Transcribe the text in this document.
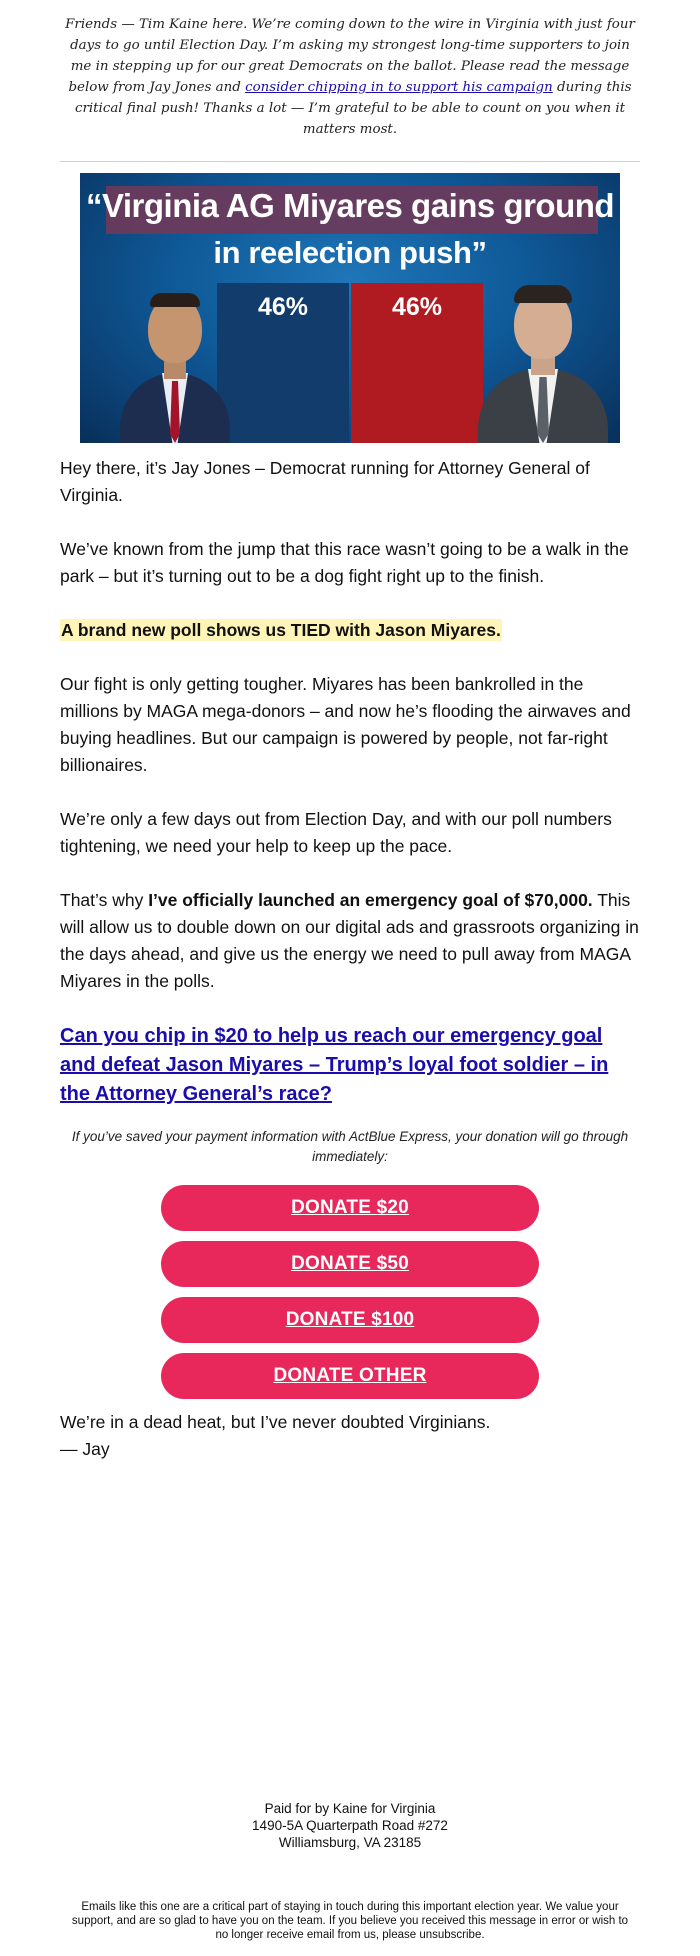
Friends — Tim Kaine here. We’re coming down to the wire in Virginia with just four days to go until Election Day. I’m asking my strongest long-time supporters to join me in stepping up for our great Democrats on the ballot. Please read the message below from Jay Jones and consider chipping in to support his campaign during this critical final push! Thanks a lot — I’m grateful to be able to count on you when it matters most.
“Virginia AG Miyares gains ground
in reelection push”
46%	46%

Hey there, it’s Jay Jones – Democrat running for Attorney General of Virginia.

We’ve known from the jump that this race wasn’t going to be a walk in the park – but it’s turning out to be a dog fight right up to the finish.

A brand new poll shows us TIED with Jason Miyares.

Our fight is only getting tougher. Miyares has been bankrolled in the millions by MAGA mega-donors – and now he’s flooding the airwaves and buying headlines. But our campaign is powered by people, not far-right billionaires.

We’re only a few days out from Election Day, and with our poll numbers tightening, we need your help to keep up the pace.

That’s why I’ve officially launched an emergency goal of $70,000. This will allow us to double down on our digital ads and grassroots organizing in the days ahead, and give us the energy we need to pull away from MAGA Miyares in the polls.

Can you chip in $20 to help us reach our emergency goal and defeat Jason Miyares – Trump’s loyal foot soldier – in the Attorney General’s race?
If you’ve saved your payment information with ActBlue Express, your donation will go through immediately:
DONATE $20
DONATE $50
DONATE $100
DONATE OTHER
We’re in a dead heat, but I’ve never doubted Virginians.
— Jay
Paid for by Kaine for Virginia
1490-5A Quarterpath Road #272
Williamsburg, VA 23185
Emails like this one are a critical part of staying in touch during this important election year. We value your support, and are so glad to have you on the team. If you believe you received this message in error or wish to no longer receive email from us, please unsubscribe.
